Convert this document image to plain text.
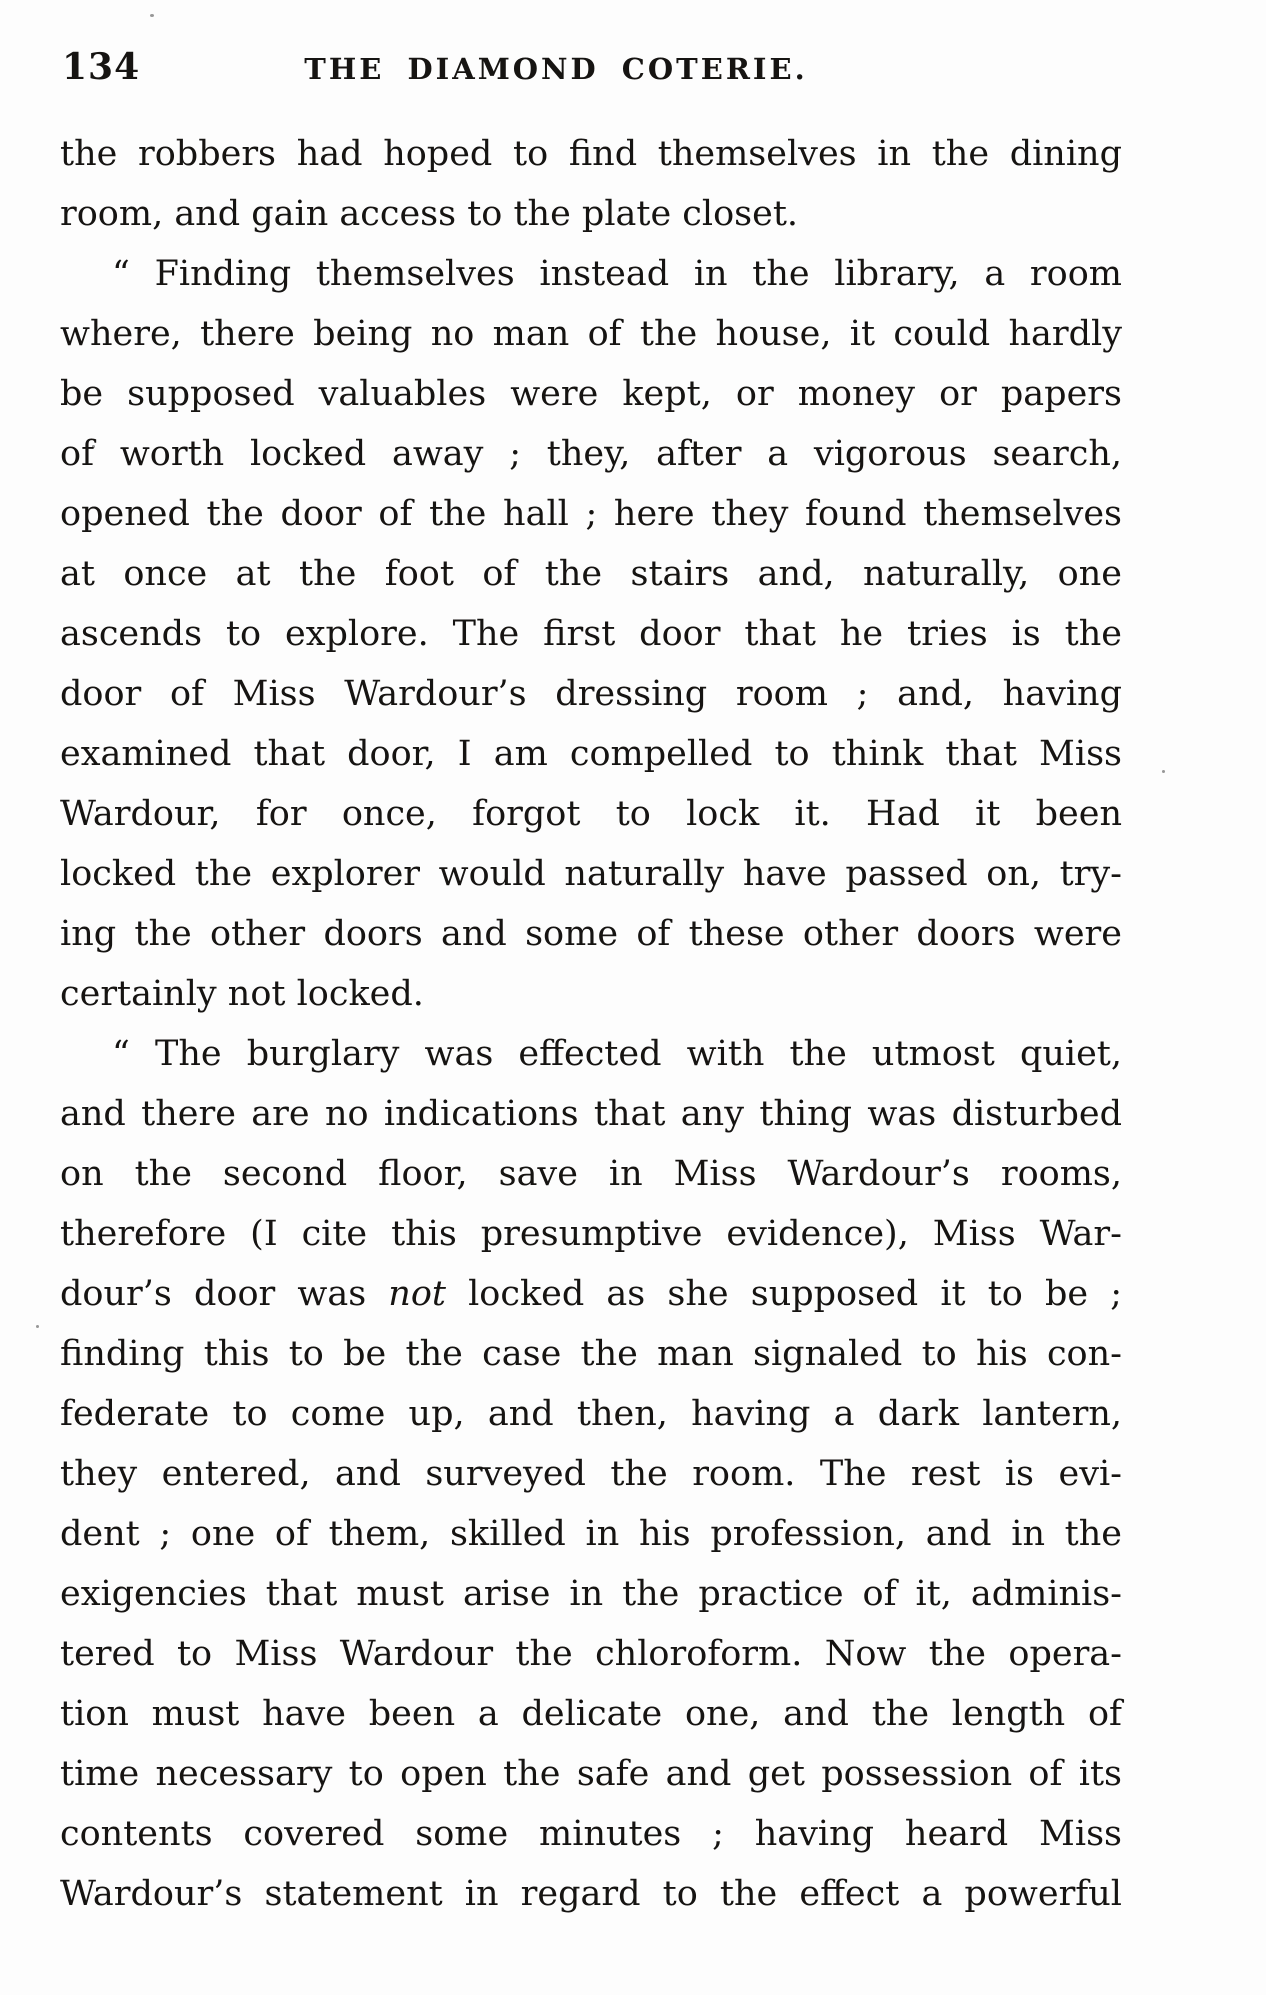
134	THE DIAMOND COTERIE.
the robbers had hoped to find themselves in the dining
room, and gain access to the plate closet.
“ Finding themselves instead in the library, a room
where, there being no man of the house, it could hardly
be supposed valuables were kept, or money or papers
of worth locked away ; they, after a vigorous search,
opened the door of the hall ; here they found themselves
at once at the foot of the stairs and, naturally, one
ascends to explore. The first door that he tries is the
door of Miss Wardour’s dressing room ; and, having
examined that door, I am compelled to think that Miss
Wardour, for once, forgot to lock it. Had it been
locked the explorer would naturally have passed on, try-
ing the other doors and some of these other doors were
certainly not locked.
“ The burglary was effected with the utmost quiet,
and there are no indications that any thing was disturbed
on the second floor, save in Miss Wardour’s rooms,
therefore (I cite this presumptive evidence), Miss War-
dour’s door was not locked as she supposed it to be ;
finding this to be the case the man signaled to his con-
federate to come up, and then, having a dark lantern,
they entered, and surveyed the room. The rest is evi-
dent ; one of them, skilled in his profession, and in the
exigencies that must arise in the practice of it, adminis-
tered to Miss Wardour the chloroform. Now the opera-
tion must have been a delicate one, and the length of
time necessary to open the safe and get possession of its
contents covered some minutes ; having heard Miss
Wardour’s statement in regard to the effect a powerful
